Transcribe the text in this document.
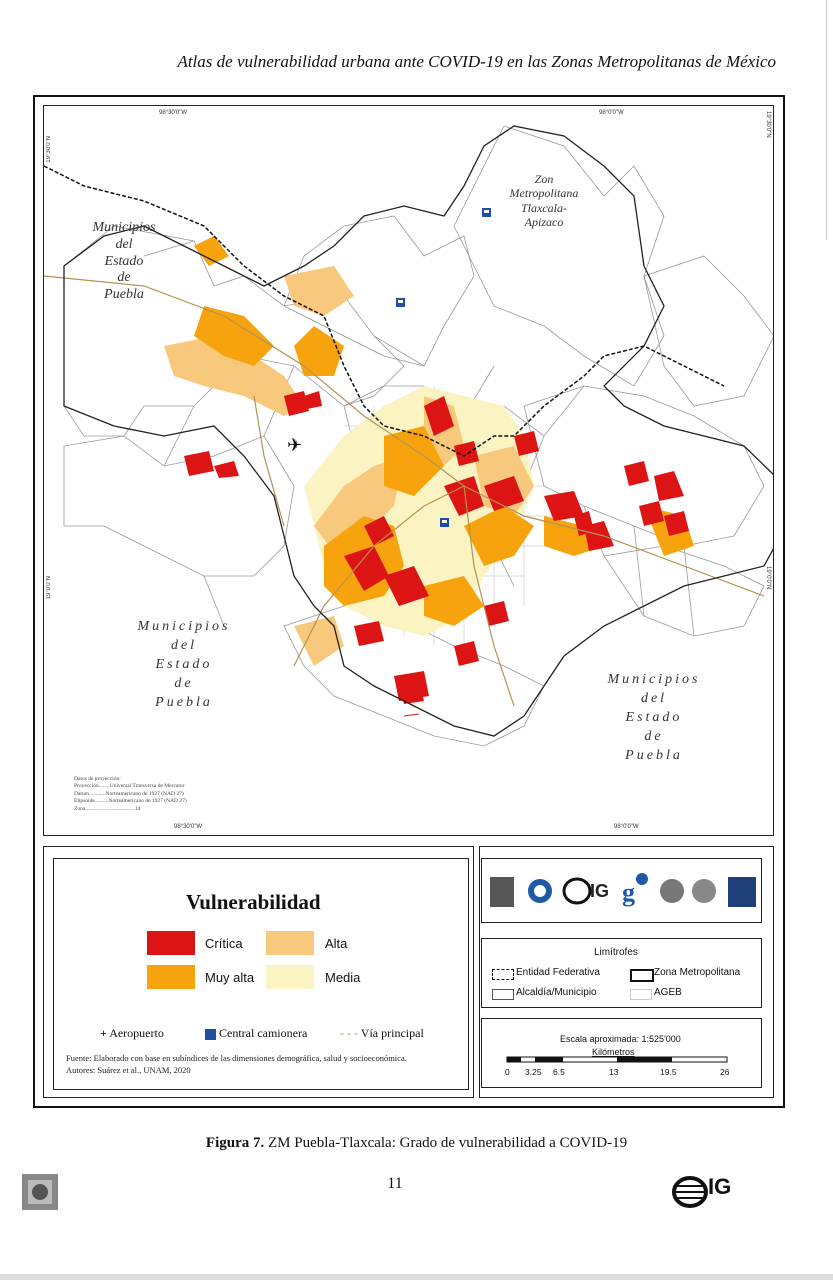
Atlas de vulnerabilidad urbana ante COVID-19 en las Zonas Metropolitanas de México
✈
98°30'0"W	98°0'0"W
98°30'0"W	98°0'0"W
19°30'0"N
19°0'0"N
19°30'0"N
19°0'0"N
Zon
Metropolitana
Tlaxcala-
Apizaco
Municipios
del
Estado
de
Puebla
Municipios
del
Estado
de
Puebla
Municipios
del
Estado
de
Puebla
Datos de proyección:
Proyección........Universal Transversa de Mercator
Datum............Norteamericano de 1927 (NAD 27)
Elipsoide..........Norteamericano de 1927 (NAD 27)
Zona....................................14
Vulnerabilidad
Crítica	Alta
Muy alta	Media
+ Aeropuerto	Central camionera	- - - Vía principal
Fuente: Elaborado con base en subíndices de las dimensiones demográfica, salud y socioeconómica.
Autores: Suárez et al., UNAM, 2020
IG g
Limítrofes
Entidad Federativa	Zona Metropolitana
Alcaldía/Municipio	AGEB
Escala aproximada: 1:525'000
Kilómetros
0 3.25 6.5	13	19.5	26
Figura 7. ZM Puebla-Tlaxcala: Grado de vulnerabilidad a COVID-19
11	IG
